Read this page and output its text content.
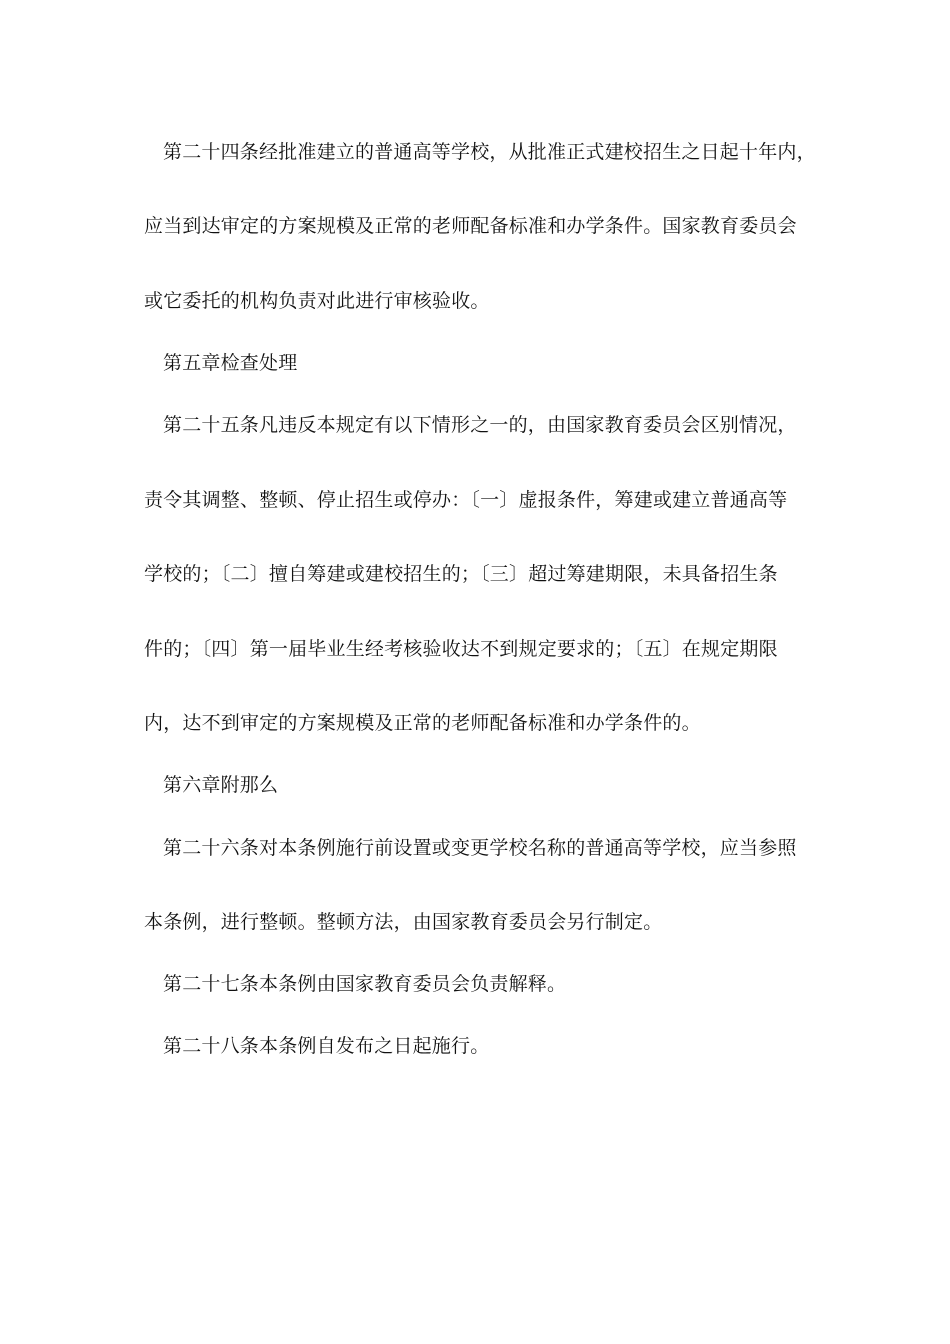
第二十四条经批准建立的普通高等学校，从批准正式建校招生之日起十年内，
应当到达审定的方案规模及正常的老师配备标准和办学条件。国家教育委员会
或它委托的机构负责对此进行审核验收。
第五章检查处理
第二十五条凡违反本规定有以下情形之一的，由国家教育委员会区别情况，
责令其调整、整顿、停止招生或停办：〔一〕虚报条件，筹建或建立普通高等
学校的；〔二〕擅自筹建或建校招生的；〔三〕超过筹建期限，未具备招生条
件的；〔四〕第一届毕业生经考核验收达不到规定要求的；〔五〕在规定期限
内，达不到审定的方案规模及正常的老师配备标准和办学条件的。
第六章附那么
第二十六条对本条例施行前设置或变更学校名称的普通高等学校，应当参照
本条例，进行整顿。整顿方法，由国家教育委员会另行制定。
第二十七条本条例由国家教育委员会负责解释。
第二十八条本条例自发布之日起施行。
